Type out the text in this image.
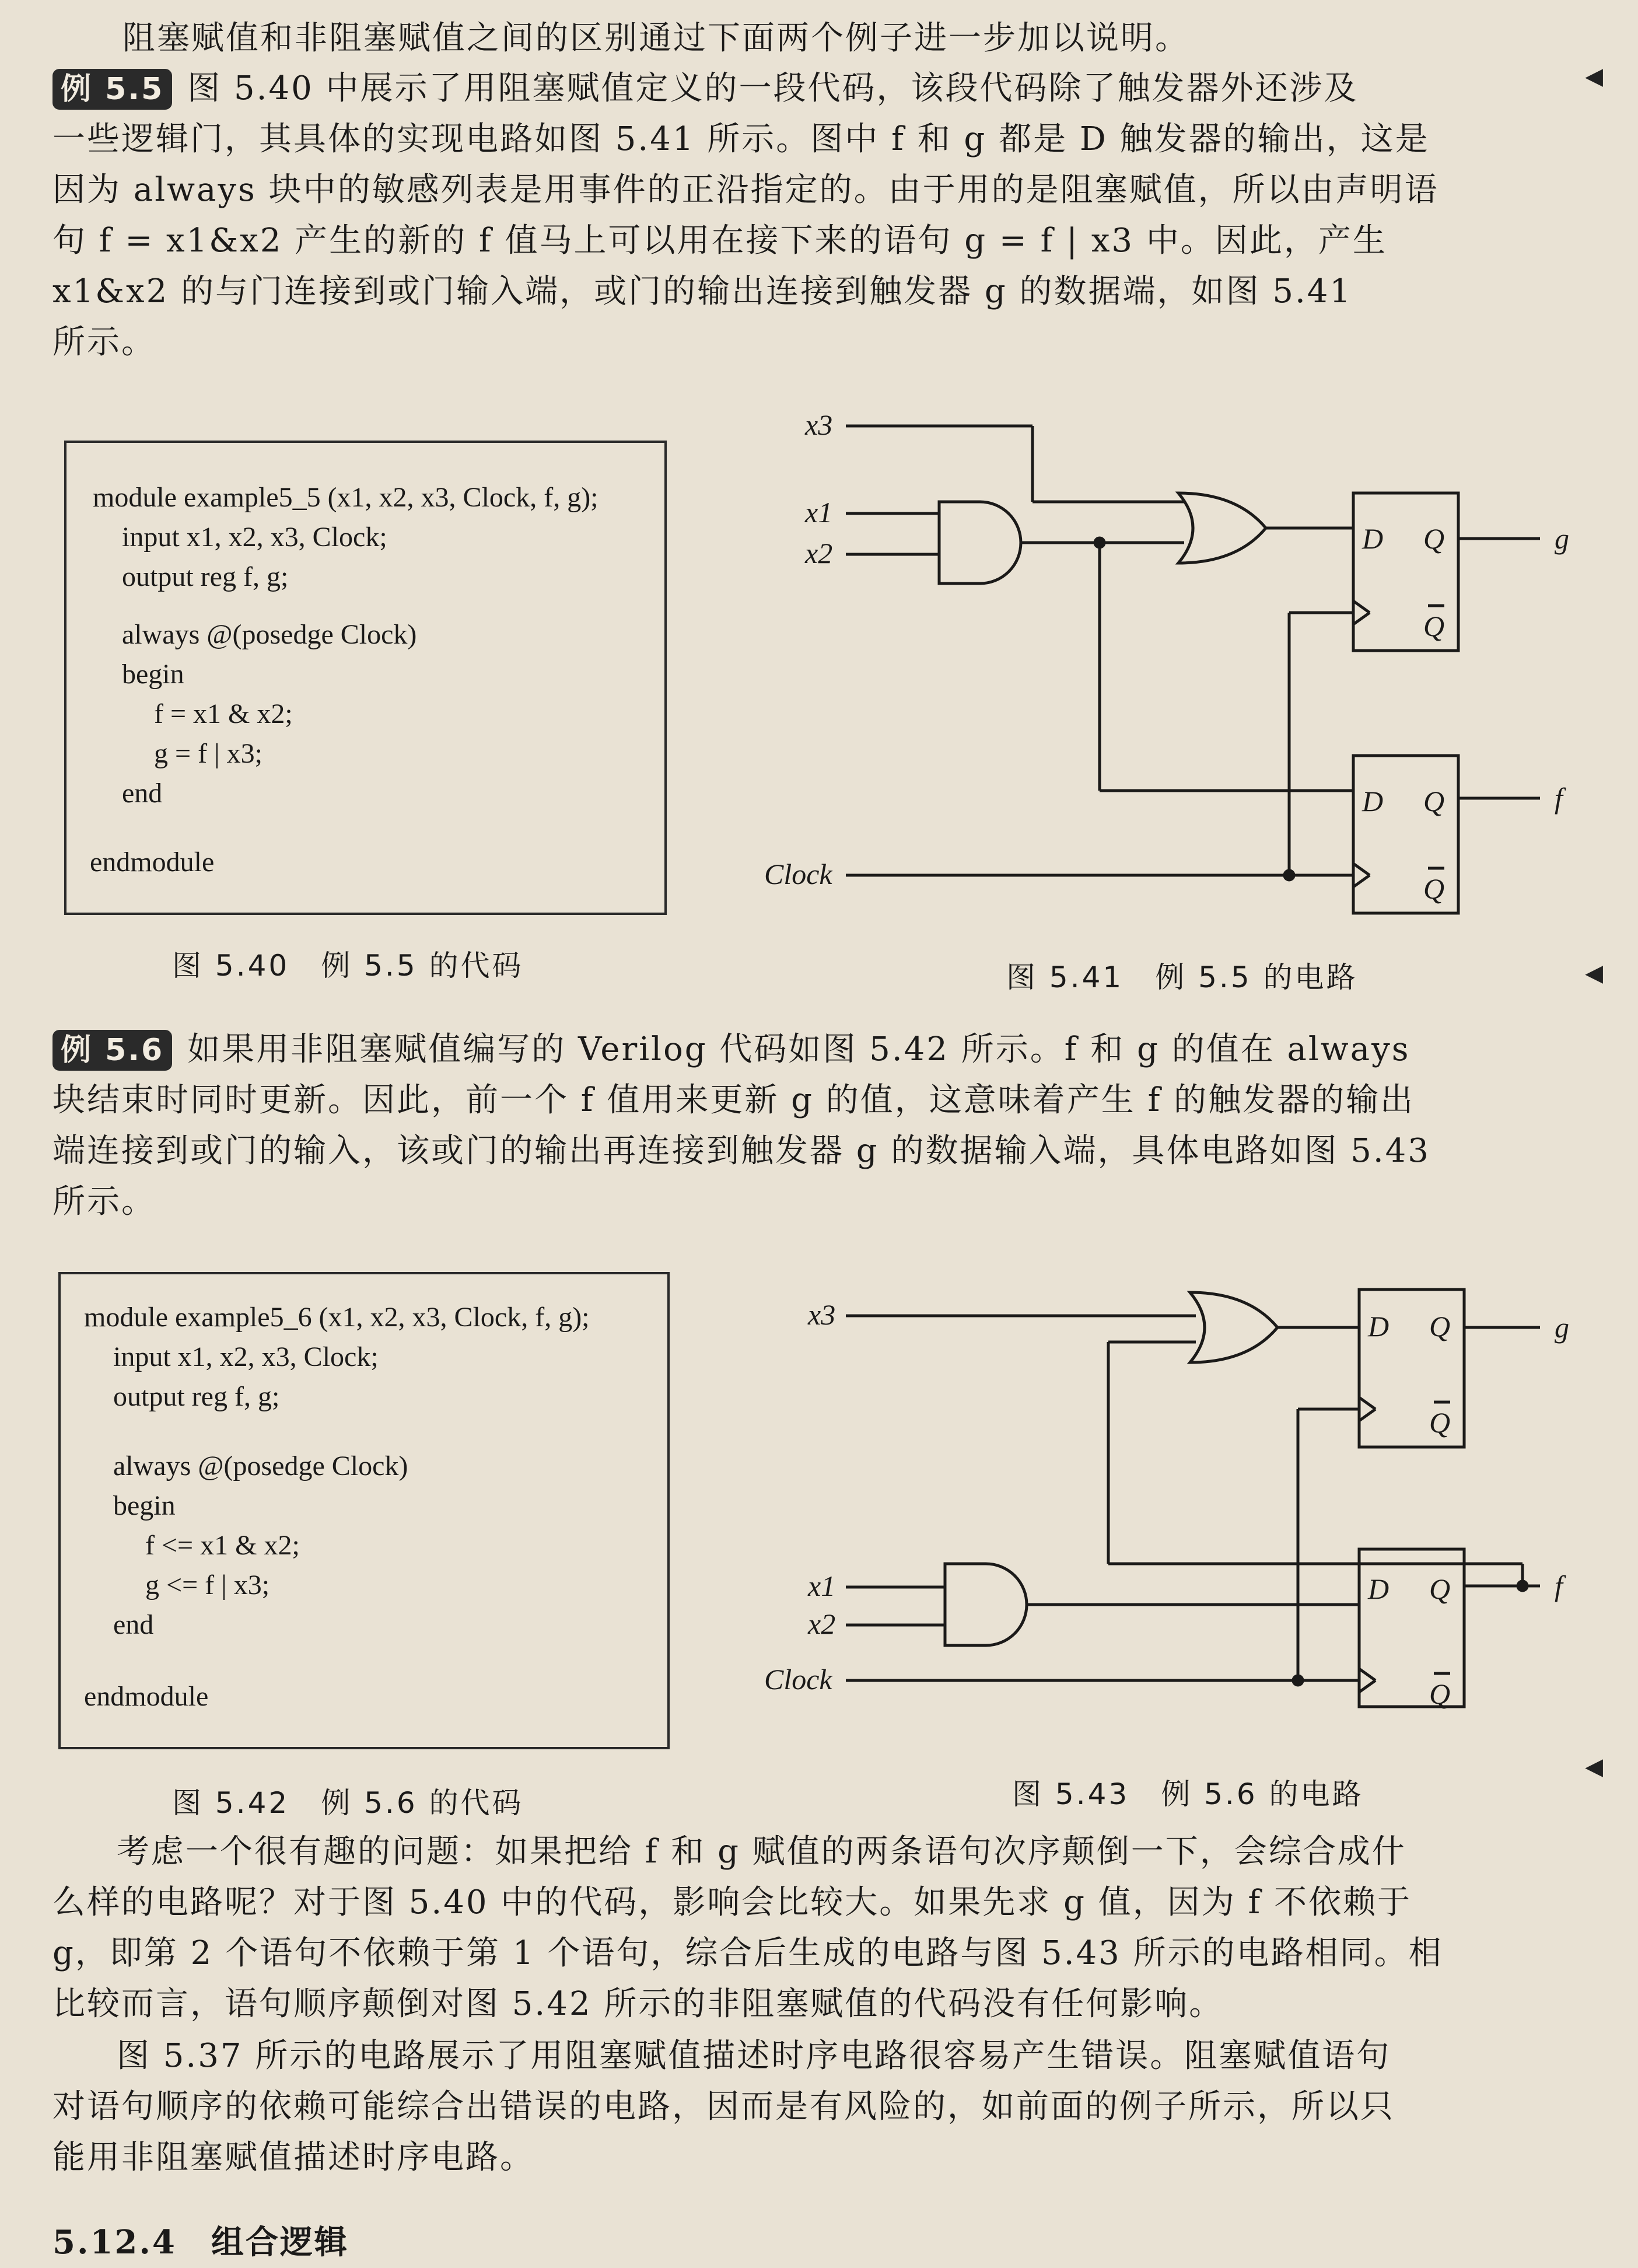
阻塞赋值和非阻塞赋值之间的区别通过下面两个例子进一步加以说明。
例 5.5 图 5.40 中展示了用阻塞赋值定义的一段代码，该段代码除了触发器外还涉及
一些逻辑门，其具体的实现电路如图 5.41 所示。图中 f 和 g 都是 D 触发器的输出，这是
因为 always 块中的敏感列表是用事件的正沿指定的。由于用的是阻塞赋值，所以由声明语
句 f = x1&x2 产生的新的 f 值马上可以用在接下来的语句 g = f | x3 中。因此，产生
x1&x2 的与门连接到或门输入端，或门的输出连接到触发器 g 的数据端，如图 5.41
所示。
◀
module example5_5 (x1, x2, x3, Clock, f, g);
input x1, x2, x3, Clock;
output reg f, g;
always @(posedge Clock)
begin
f = x1 & x2;
g = f | x3;
end
endmodule
图 5.40　例 5.5 的代码
x3
x1
x2
Clock
D Q
Q
D Q
Q
g
f
图 5.41　例 5.5 的电路	◀
例 5.6 如果用非阻塞赋值编写的 Verilog 代码如图 5.42 所示。f 和 g 的值在 always
块结束时同时更新。因此，前一个 f 值用来更新 g 的值，这意味着产生 f 的触发器的输出
端连接到或门的输入，该或门的输出再连接到触发器 g 的数据输入端，具体电路如图 5.43
所示。
module example5_6 (x1, x2, x3, Clock, f, g);
input x1, x2, x3, Clock;
output reg f, g;
always @(posedge Clock)
begin
f <= x1 & x2;
g <= f | x3;
end
endmodule
图 5.42　例 5.6 的代码
x3
x1
x2
Clock
D Q
Q
D Q
Q
g
f
图 5.43　例 5.6 的电路
◀
考虑一个很有趣的问题：如果把给 f 和 g 赋值的两条语句次序颠倒一下，会综合成什
么样的电路呢？对于图 5.40 中的代码，影响会比较大。如果先求 g 值，因为 f 不依赖于
g，即第 2 个语句不依赖于第 1 个语句，综合后生成的电路与图 5.43 所示的电路相同。相
比较而言，语句顺序颠倒对图 5.42 所示的非阻塞赋值的代码没有任何影响。
图 5.37 所示的电路展示了用阻塞赋值描述时序电路很容易产生错误。阻塞赋值语句
对语句顺序的依赖可能综合出错误的电路，因而是有风险的，如前面的例子所示，所以只
能用非阻塞赋值描述时序电路。
5.12.4　组合逻辑
